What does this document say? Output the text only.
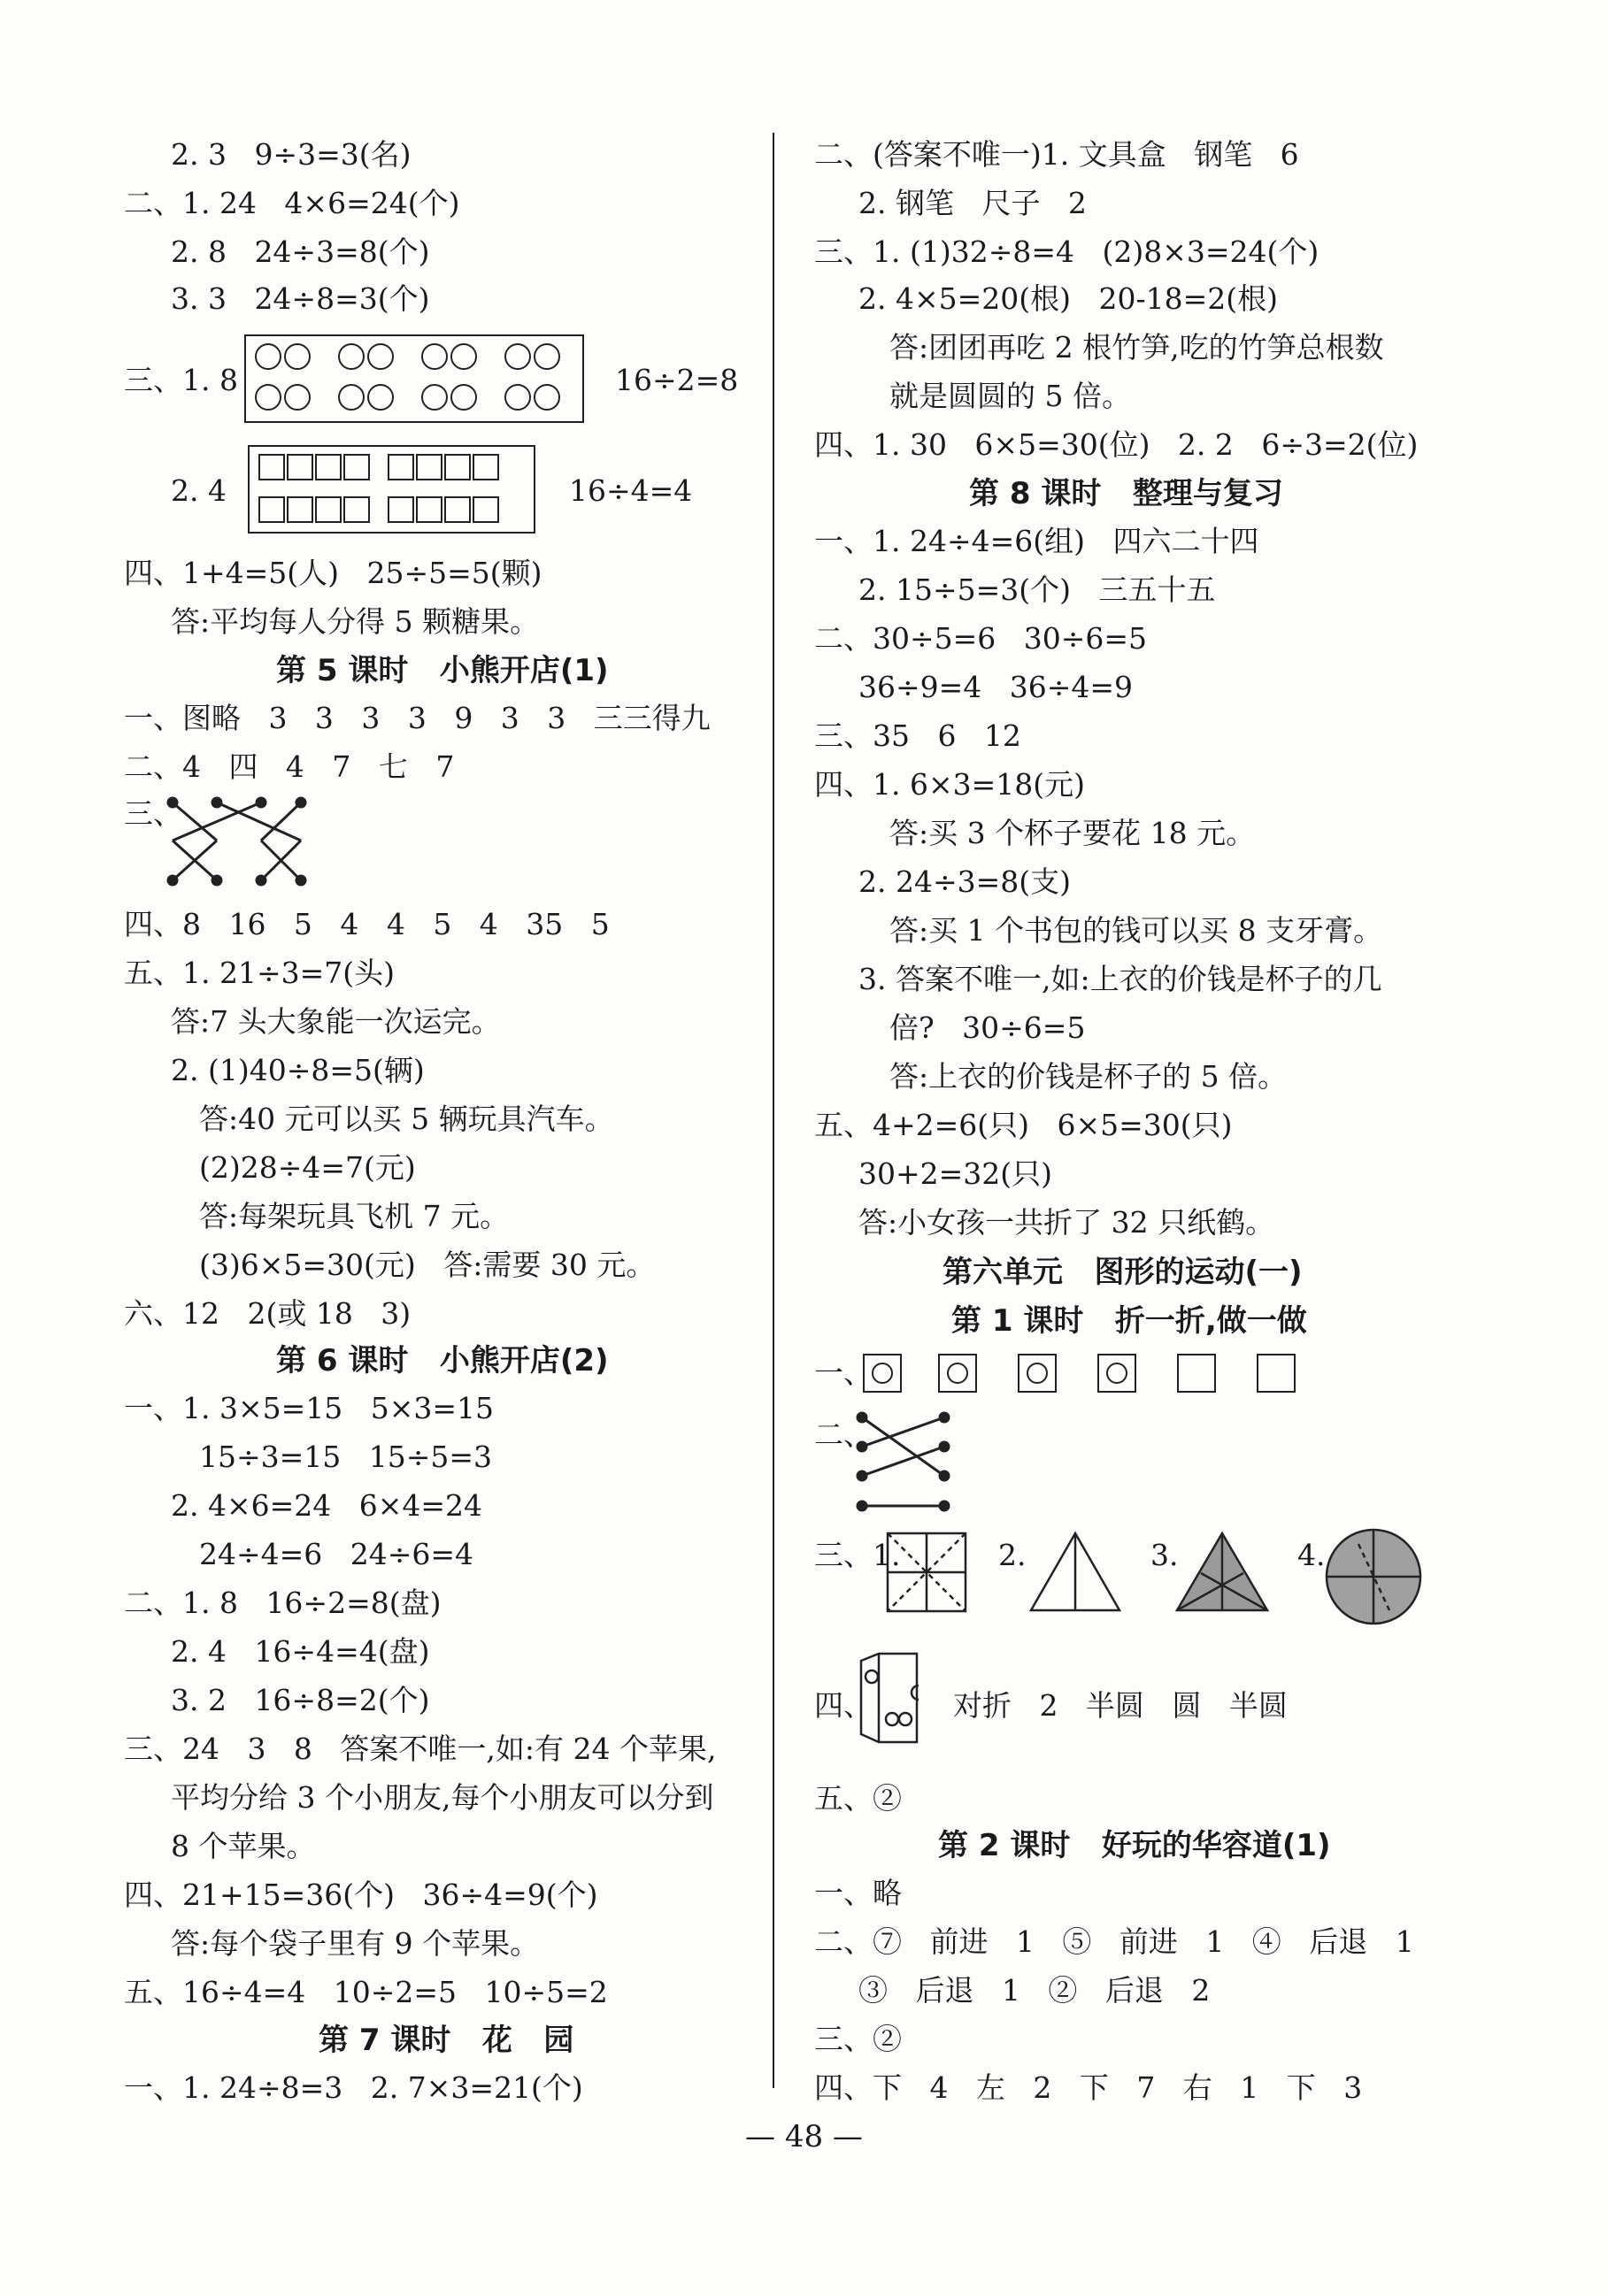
— 48 —
2. 3   9÷3=3(名)
二、1. 24   4×6=24(个)
2. 8   24÷3=8(个)
3. 3   24÷8=3(个)
三、1. 8	16÷2=8
2. 4	16÷4=4
四、1+4=5(人)   25÷5=5(颗)
答:平均每人分得 5 颗糖果。
一、图略   3   3   3   3   9   3   3   三三得九
二、4   四   4   7   七   7
三、
四、8   16   5   4   4   5   4   35   5
五、1. 21÷3=7(头)
答:7 头大象能一次运完。
2. (1)40÷8=5(辆)
答:40 元可以买 5 辆玩具汽车。
(2)28÷4=7(元)
答:每架玩具飞机 7 元。
(3)6×5=30(元)   答:需要 30 元。
六、12   2(或 18   3)
一、1. 3×5=15   5×3=15
15÷3=15   15÷5=3
2. 4×6=24   6×4=24
24÷4=6   24÷6=4
二、1. 8   16÷2=8(盘)
2. 4   16÷4=4(盘)
3. 2   16÷8=2(个)
三、24   3   8   答案不唯一,如:有 24 个苹果,
平均分给 3 个小朋友,每个小朋友可以分到
8 个苹果。
四、21+15=36(个)   36÷4=9(个)
答:每个袋子里有 9 个苹果。
五、16÷4=4   10÷2=5   10÷5=2
一、1. 24÷8=3   2. 7×3=21(个)
第 5 课时   小熊开店(1)
第 6 课时   小熊开店(2)
第 7 课时   花   园
二、(答案不唯一)1. 文具盒   钢笔   6
2. 钢笔   尺子   2
三、1. (1)32÷8=4   (2)8×3=24(个)
2. 4×5=20(根)   20-18=2(根)
答:团团再吃 2 根竹笋,吃的竹笋总根数
就是圆圆的 5 倍。
四、1. 30   6×5=30(位)   2. 2   6÷3=2(位)
一、1. 24÷4=6(组)   四六二十四
2. 15÷5=3(个)   三五十五
二、30÷5=6   30÷6=5
36÷9=4   36÷4=9
三、35   6   12
四、1. 6×3=18(元)
答:买 3 个杯子要花 18 元。
2. 24÷3=8(支)
答:买 1 个书包的钱可以买 8 支牙膏。
3. 答案不唯一,如:上衣的价钱是杯子的几
倍?   30÷6=5
答:上衣的价钱是杯子的 5 倍。
五、4+2=6(只)   6×5=30(只)
30+2=32(只)
答:小女孩一共折了 32 只纸鹤。
一、
二、
三、1.	2.	3.	4.
四、	对折   2   半圆   圆   半圆
五、②
一、略
二、⑦   前进   1   ⑤   前进   1   ④   后退   1
③   后退   1   ②   后退   2
三、②
四、下   4   左   2   下   7   右   1   下   3
第 8 课时   整理与复习
第六单元   图形的运动(一)
第 1 课时   折一折,做一做
第 2 课时   好玩的华容道(1)
